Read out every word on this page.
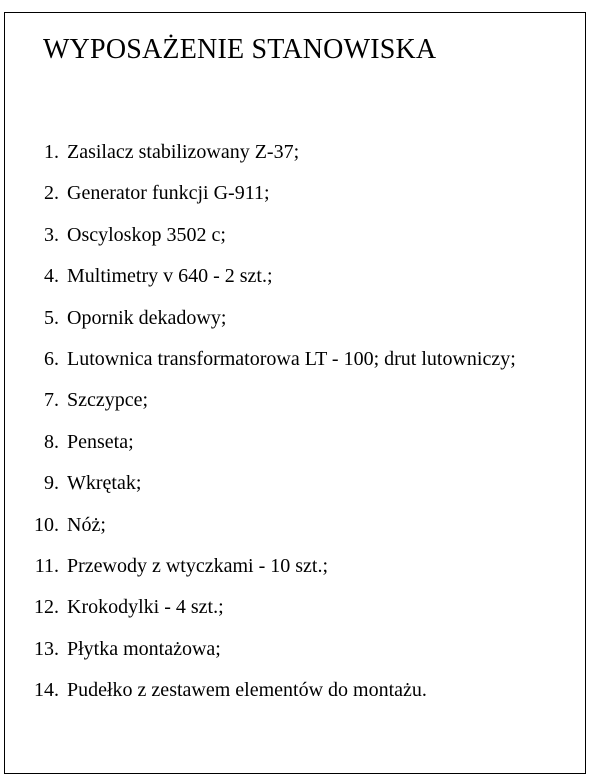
WYPOSAŻENIE STANOWISKA
1. Zasilacz stabilizowany Z-37;
2. Generator funkcji G-911;
3. Oscyloskop 3502 c;
4. Multimetry v 640 - 2 szt.;
5. Opornik dekadowy;
6. Lutownica transformatorowa LT - 100; drut lutowniczy;
7. Szczypce;
8. Penseta;
9. Wkrętak;
10. Nóż;
11. Przewody z wtyczkami - 10 szt.;
12. Krokodylki - 4 szt.;
13. Płytka montażowa;
14. Pudełko z zestawem elementów do montażu.
